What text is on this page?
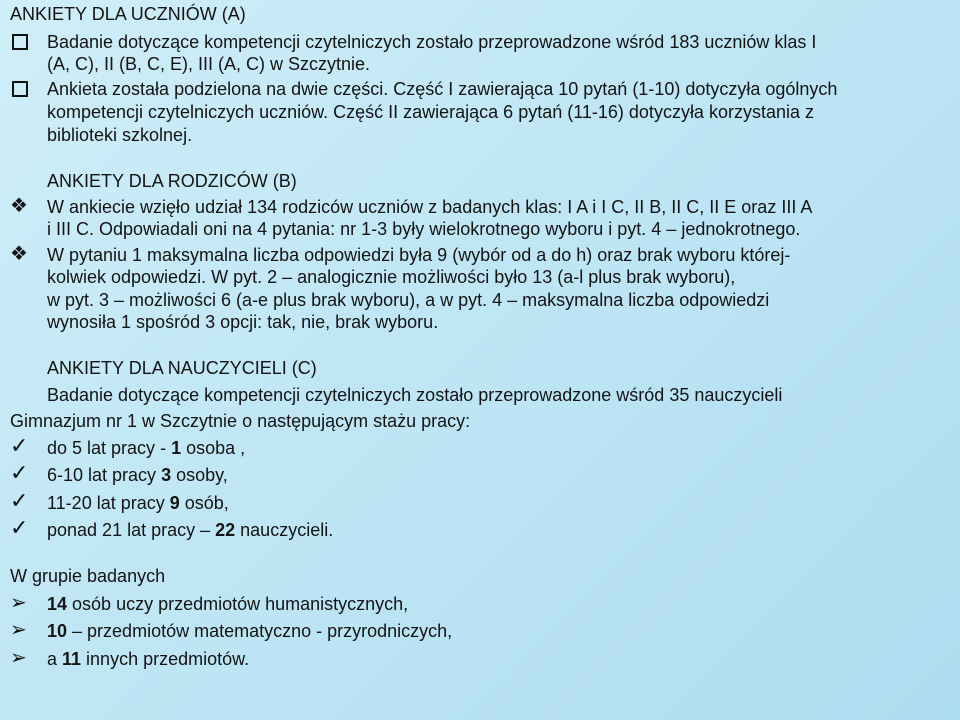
ANKIETY DLA UCZNIÓW (A)
Badanie dotyczące kompetencji czytelniczych zostało przeprowadzone wśród 183 uczniów klas I
(A, C), II (B, C, E), III (A, C) w Szczytnie.
Ankieta została podzielona na dwie części. Część I zawierająca 10 pytań (1-10) dotyczyła ogólnych
kompetencji czytelniczych uczniów. Część II zawierająca 6 pytań (11-16) dotyczyła korzystania z
biblioteki szkolnej.
ANKIETY DLA RODZICÓW (B)
❖ W ankiecie wzięło udział 134 rodziców uczniów z badanych klas: I A i I C, II B, II C, II E oraz III A
i III C. Odpowiadali oni na 4 pytania: nr 1-3 były wielokrotnego wyboru i pyt. 4 – jednokrotnego.
❖ W pytaniu 1 maksymalna liczba odpowiedzi była 9 (wybór od a do h) oraz brak wyboru której-
kolwiek odpowiedzi. W pyt. 2 – analogicznie możliwości było 13 (a-l plus brak wyboru),
w pyt. 3 – możliwości 6 (a-e plus brak wyboru), a w pyt. 4 – maksymalna liczba odpowiedzi
wynosiła 1 spośród 3 opcji: tak, nie, brak wyboru.
ANKIETY DLA NAUCZYCIELI (C)
Badanie dotyczące kompetencji czytelniczych zostało przeprowadzone wśród 35 nauczycieli
Gimnazjum nr 1 w Szczytnie o następującym stażu pracy:
✓ do 5 lat pracy - 1 osoba ,
✓ 6-10 lat pracy 3 osoby,
✓ 11-20 lat pracy 9 osób,
✓ ponad 21 lat pracy – 22 nauczycieli.
W grupie badanych
➢ 14 osób uczy przedmiotów humanistycznych,
➢ 10 – przedmiotów matematyczno - przyrodniczych,
➢ a 11 innych przedmiotów.
